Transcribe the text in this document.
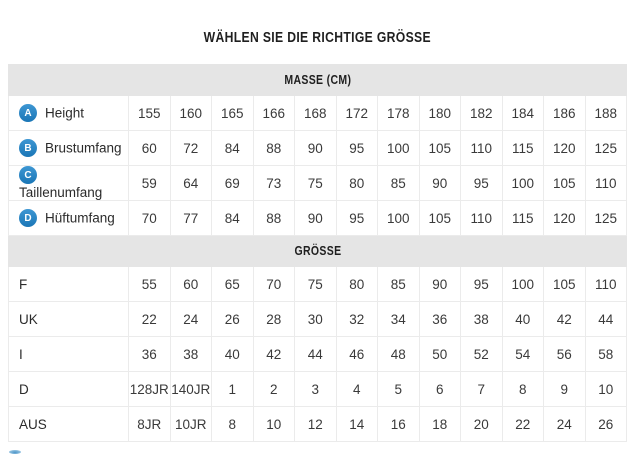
WÄHLEN SIE DIE RICHTIGE GRÖSSE
MASSE (CM)												
A Height	155	160	165	166	168	172	178	180	182	184	186	188
B Brustumfang	60	72	84	88	90	95	100	105	110	115	120	125
CTaillenumfang	59	64	69	73	75	80	85	90	95	100	105	110
D Hüftumfang	70	77	84	88	90	95	100	105	110	115	120	125
GRÖSSE												
F	55	60	65	70	75	80	85	90	95	100	105	110
UK	22	24	26	28	30	32	34	36	38	40	42	44
I	36	38	40	42	44	46	48	50	52	54	56	58
D	128JR	140JR	1	2	3	4	5	6	7	8	9	10
AUS	8JR	10JR	8	10	12	14	16	18	20	22	24	26
